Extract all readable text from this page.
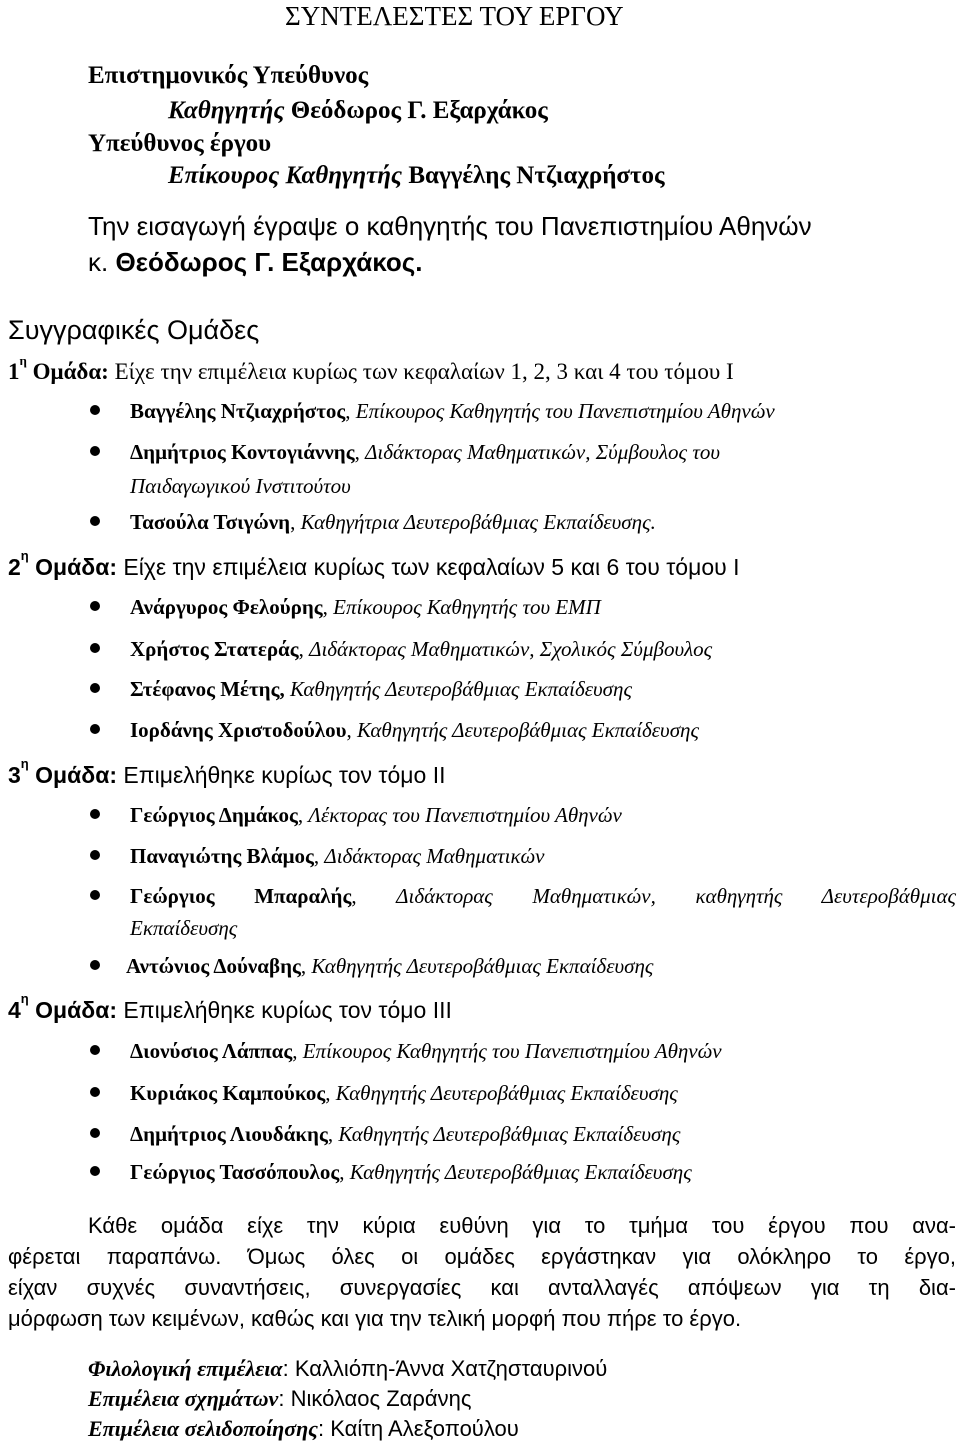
ΣΥΝΤΕΛΕΣΤΕΣ ΤΟΥ ΕΡΓΟΥ
Επιστημονικός Υπεύθυνος
Καθηγητής Θεόδωρος Γ. Εξαρχάκος
Υπεύθυνος έργου
Επίκουρος Καθηγητής Βαγγέλης Ντζιαχρήστος
Την εισαγωγή έγραψε ο καθηγητής του Πανεπιστημίου Αθηνών
κ. Θεόδωρος Γ. Εξαρχάκος.
Συγγραφικές Ομάδες
$1^\eta$ Ομάδα: Είχε την επιμέλεια κυρίως των κεφαλαίων 1, 2, 3 και 4 του τόμου Ι
Βαγγέλης Ντζιαχρήστος, Επίκουρος Καθηγητής του Πανεπιστημίου Αθηνών
Δημήτριος Κοντογιάννης, Διδάκτορας Μαθηματικών, Σύμβουλος του
Παιδαγωγικού Ινστιτούτου
Τασούλα Τσιγώνη, Καθηγήτρια Δευτεροβάθμιας Εκπαίδευσης.
$2^\eta$ Ομάδα: Είχε την επιμέλεια κυρίως των κεφαλαίων 5 και 6 του τόμου Ι
Ανάργυρος Φελούρης, Επίκουρος Καθηγητής του ΕΜΠ
Χρήστος Στατεράς, Διδάκτορας Μαθηματικών, Σχολικός Σύμβουλος
Στέφανος Μέτης, Καθηγητής Δευτεροβάθμιας Εκπαίδευσης
Ιορδάνης Χριστοδούλου, Καθηγητής Δευτεροβάθμιας Εκπαίδευσης
$3^\eta$ Ομάδα: Επιμελήθηκε κυρίως τον τόμο ΙΙ
Γεώργιος Δημάκος, Λέκτορας του Πανεπιστημίου Αθηνών
Παναγιώτης Βλάμος, Διδάκτορας Μαθηματικών
Γεώργιος Μπαραλής, Διδάκτορας Μαθηματικών, καθηγητής Δευτεροβάθμιας
Εκπαίδευσης
Αντώνιος Δούναβης, Καθηγητής Δευτεροβάθμιας Εκπαίδευσης
$4^\eta$ Ομάδα: Επιμελήθηκε κυρίως τον τόμο ΙΙΙ
Διονύσιος Λάππας, Επίκουρος Καθηγητής του Πανεπιστημίου Αθηνών
Κυριάκος Καμπούκος, Καθηγητής Δευτεροβάθμιας Εκπαίδευσης
Δημήτριος Λιουδάκης, Καθηγητής Δευτεροβάθμιας Εκπαίδευσης
Γεώργιος Τασσόπουλος, Καθηγητής Δευτεροβάθμιας Εκπαίδευσης
Κάθε ομάδα είχε την κύρια ευθύνη για το τμήμα του έργου που ανα-
φέρεται παραπάνω. Όμως όλες οι ομάδες εργάστηκαν για ολόκληρο το έργο,
είχαν συχνές συναντήσεις, συνεργασίες και ανταλλαγές απόψεων για τη δια-
μόρφωση των κειμένων, καθώς και για την τελική μορφή που πήρε το έργο.
Φιλολογική επιμέλεια: Καλλιόπη-Άννα Χατζησταυρινού
Επιμέλεια σχημάτων: Νικόλαος Ζαράνης
Επιμέλεια σελιδοποίησης: Καίτη Αλεξοπούλου
